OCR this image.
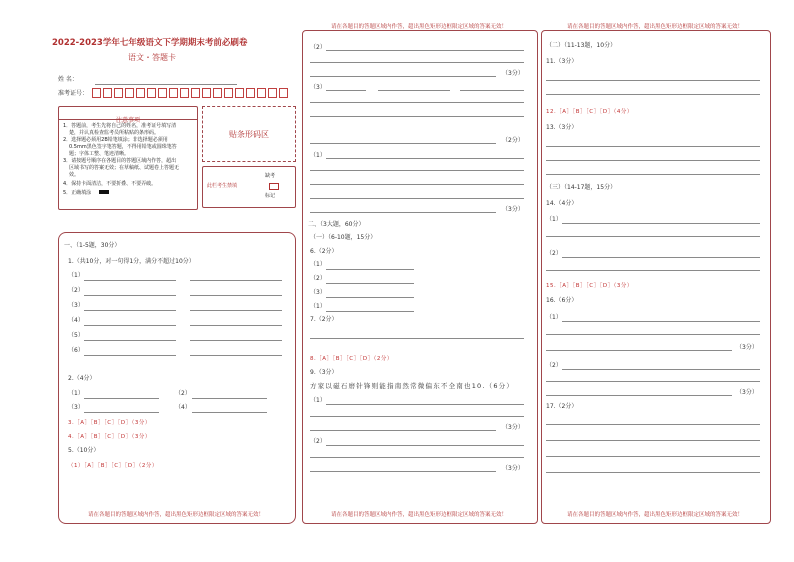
2022-2023学年七年级语文下学期期末考前必刷卷
语文・答题卡
姓 名：
准考证号：
注意事项

1．答题前，考生先将自己的姓名，准考证号填写清

楚，并认真检查监考员所粘贴的条形码。

2．选择题必须用2B铅笔填涂；非选择题必须用

0.5mm黑色签字笔答题，不得用铅笔或圆珠笔答

题；字体工整、笔迹清晰。

3．请按题号顺序在各题目的答题区域内作答，超出

区域书写的答案无效；在草稿纸、试题卷上答题无

效。

4．保持卡面清洁，不要折叠、不要弄破。

5．正确填涂

贴条形码区
此栏考生禁填
缺考
标记
一、（1-5题，30分）
1.（共10分，对一句得1分，满分不超过10分）
（1）
（2）
（3）
（4）
（5）
（6）
2.（4分）
（1）	（2）
（3）	（4）
3.［A］［B］［C］［D］（3分）
4.［A］［B］［C］［D］（3分）
5.（10分）
（1）［A］［B］［C］［D］（2分）
请在各题目的答题区域内作答，超出黑色矩形边框限定区域的答案无效！
请在各题目的答题区域内作答，超出黑色矩形边框限定区域的答案无效！
（2）
（3分）
（3）
（2分）
（1）
（3分）
二、（3大题，60分）
（一）（6-10题，15分）
6.（2分）
（1）
（2）
（3）
（1）
7.（2分）
8.［A］［B］［C］［D］（2分）
9.（3分）
方家以磁石磨针锋则能指南然常微偏东不全南也10.（6分）
（1）
（3分）
（2）
（3分）
请在各题目的答题区域内作答，超出黑色矩形边框限定区域的答案无效！
请在各题目的答题区域内作答，超出黑色矩形边框限定区域的答案无效！
（二）（11-13题，10分）
11.（3分）
12.［A］［B］［C］［D］（4分）
13.（3分）
（三）（14-17题，15分）
14.（4分）
（1）
（2）
15.［A］［B］［C］［D］（3分）
16.（6分）
（1）
（3分）
（2）
（3分）
17.（2分）
请在各题目的答题区域内作答，超出黑色矩形边框限定区域的答案无效！
